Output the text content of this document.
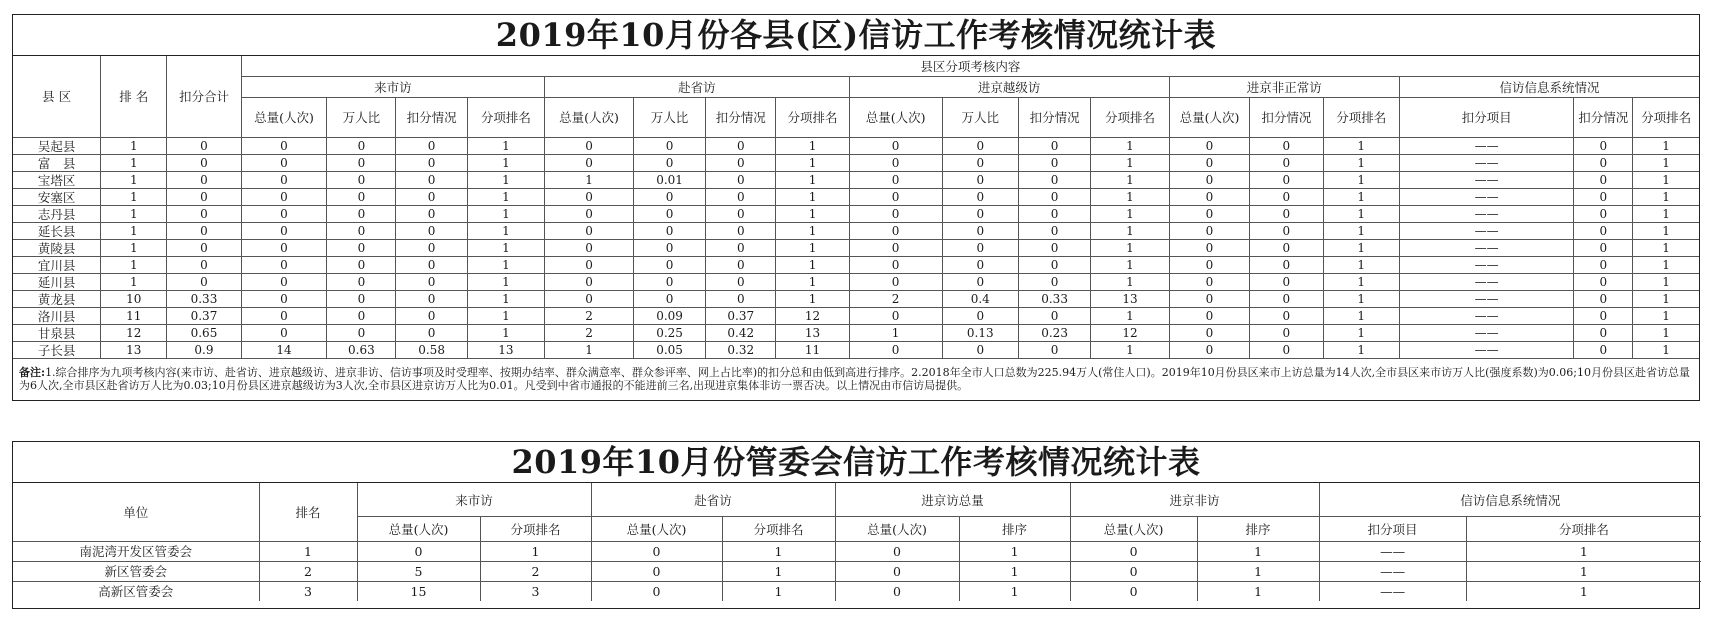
2019年10月份各县(区)信访工作考核情况统计表
县 区	排 名	扣分合计	县区分项考核内容																	
			来市访				赴省访				进京越级访				进京非正常访			信访信息系统情况		
			总量(人次)	万人比	扣分情况	分项排名	总量(人次)	万人比	扣分情况	分项排名	总量(人次)	万人比	扣分情况	分项排名	总量(人次)	扣分情况	分项排名	扣分项目	扣分情况	分项排名
吴起县	1	0	0	0	0	1	0	0	0	1	0	0	0	1	0	0	1	——	0	1
富　县	1	0	0	0	0	1	0	0	0	1	0	0	0	1	0	0	1	——	0	1
宝塔区	1	0	0	0	0	1	1	0.01	0	1	0	0	0	1	0	0	1	——	0	1
安塞区	1	0	0	0	0	1	0	0	0	1	0	0	0	1	0	0	1	——	0	1
志丹县	1	0	0	0	0	1	0	0	0	1	0	0	0	1	0	0	1	——	0	1
延长县	1	0	0	0	0	1	0	0	0	1	0	0	0	1	0	0	1	——	0	1
黄陵县	1	0	0	0	0	1	0	0	0	1	0	0	0	1	0	0	1	——	0	1
宜川县	1	0	0	0	0	1	0	0	0	1	0	0	0	1	0	0	1	——	0	1
延川县	1	0	0	0	0	1	0	0	0	1	0	0	0	1	0	0	1	——	0	1
黄龙县	10	0.33	0	0	0	1	0	0	0	1	2	0.4	0.33	13	0	0	1	——	0	1
洛川县	11	0.37	0	0	0	1	2	0.09	0.37	12	0	0	0	1	0	0	1	——	0	1
甘泉县	12	0.65	0	0	0	1	2	0.25	0.42	13	1	0.13	0.23	12	0	0	1	——	0	1
子长县	13	0.9	14	0.63	0.58	13	1	0.05	0.32	11	0	0	0	1	0	0	1	——	0	1
备注:1.综合排序为九项考核内容(来市访、赴省访、进京越级访、进京非访、信访事项及时受理率、按期办结率、群众满意率、群众参评率、网上占比率)的扣分总和由低到高进行排序。2.2018年全市人口总数为225.94万人(常住人口)。2019年10月份县区来市上访总量为14人次,全市县区来市访万人比(强度系数)为0.06;10月份县区赴省访总量为6人次,全市县区赴省访万人比为0.03;10月份县区进京越级访为3人次,全市县区进京访万人比为0.01。凡受到中省市通报的不能进前三名,出现进京集体非访一票否决。以上情况由市信访局提供。																				
2019年10月份管委会信访工作考核情况统计表
单位	排名	来市访		赴省访		进京访总量		进京非访		信访信息系统情况	
		总量(人次)	分项排名	总量(人次)	分项排名	总量(人次)	排序	总量(人次)	排序	扣分项目	分项排名
南泥湾开发区管委会	1	0	1	0	1	0	1	0	1	——	1
新区管委会	2	5	2	0	1	0	1	0	1	——	1
高新区管委会	3	15	3	0	1	0	1	0	1	——	1
